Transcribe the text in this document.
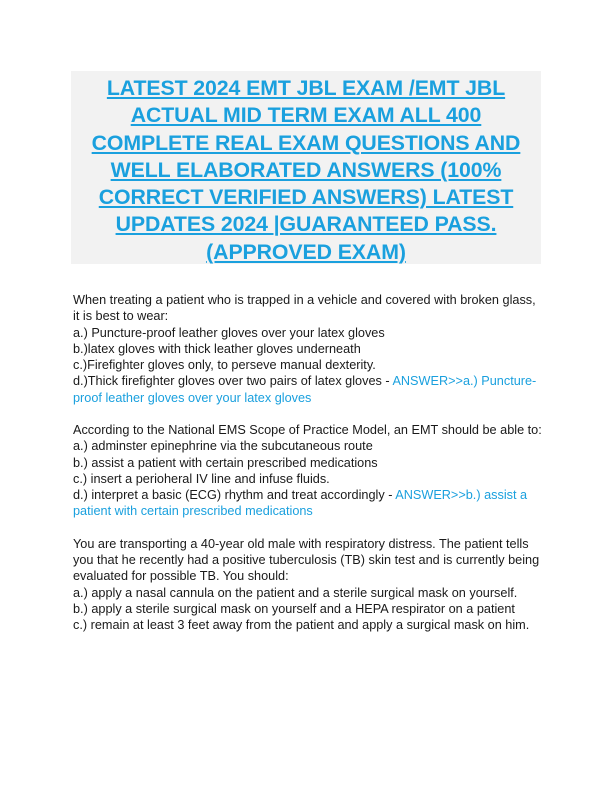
LATEST 2024 EMT JBL EXAM /EMT JBL ACTUAL MID TERM EXAM ALL 400 COMPLETE REAL EXAM QUESTIONS AND WELL ELABORATED ANSWERS (100% CORRECT VERIFIED ANSWERS) LATEST UPDATES 2024 |GUARANTEED PASS. (APPROVED EXAM)
When treating a patient who is trapped in a vehicle and covered with broken glass, it is best to wear:
a.) Puncture-proof leather gloves over your latex gloves
b.)latex gloves with thick leather gloves underneath
c.)Firefighter gloves only, to perseve manual dexterity.
d.)Thick firefighter gloves over two pairs of latex gloves - ANSWER>>a.) Puncture-proof leather gloves over your latex gloves
According to the National EMS Scope of Practice Model, an EMT should be able to:
a.) adminster epinephrine via the subcutaneous route
b.) assist a patient with certain prescribed medications
c.) insert a perioheral IV line and infuse fluids.
d.) interpret a basic (ECG) rhythm and treat accordingly - ANSWER>>b.) assist a patient with certain prescribed medications
You are transporting a 40-year old male with respiratory distress. The patient tells you that he recently had a positive tuberculosis (TB) skin test and is currently being evaluated for possible TB. You should:
a.) apply a nasal cannula on the patient and a sterile surgical mask on yourself.
b.) apply a sterile surgical mask on yourself and a HEPA respirator on a patient
c.) remain at least 3 feet away from the patient and apply a surgical mask on him.
